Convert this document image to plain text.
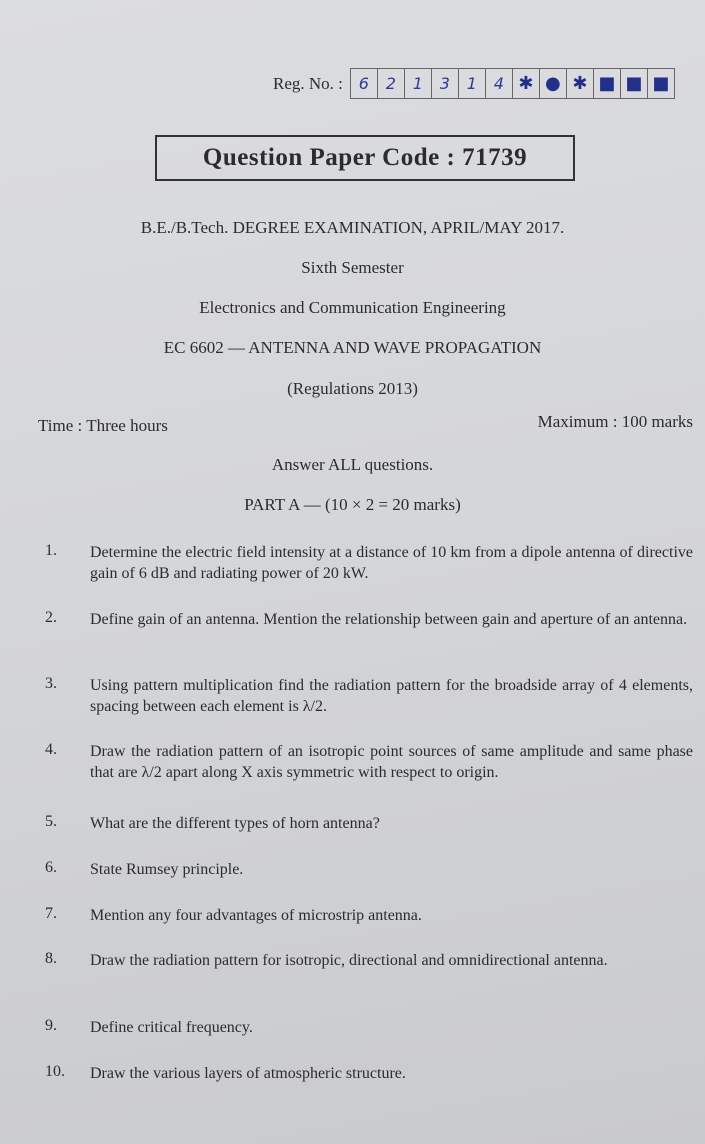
Reg. No. : 6	2	1	3	1	4 ✱ ● ✱ ■ ■ ■
Question Paper Code : 71739
B.E./B.Tech. DEGREE EXAMINATION, APRIL/MAY 2017.
Sixth Semester
Electronics and Communication Engineering
EC 6602 — ANTENNA AND WAVE PROPAGATION
(Regulations 2013)
Time : Three hours	Maximum : 100 marks
Answer ALL questions.
PART A — (10 × 2 = 20 marks)
1.	Determine the electric field intensity at a distance of 10 km from a dipole antenna of directive gain of 6 dB and radiating power of 20 kW.
2.	Define gain of an antenna. Mention the relationship between gain and aperture of an antenna.
3.	Using pattern multiplication find the radiation pattern for the broadside array of 4 elements, spacing between each element is λ/2.
4.	Draw the radiation pattern of an isotropic point sources of same amplitude and same phase that are λ/2 apart along X axis symmetric with respect to origin.
5.	What are the different types of horn antenna?
6.	State Rumsey principle.
7.	Mention any four advantages of microstrip antenna.
8.	Draw the radiation pattern for isotropic, directional and omnidirectional antenna.
9.	Define critical frequency.
10.	Draw the various layers of atmospheric structure.
